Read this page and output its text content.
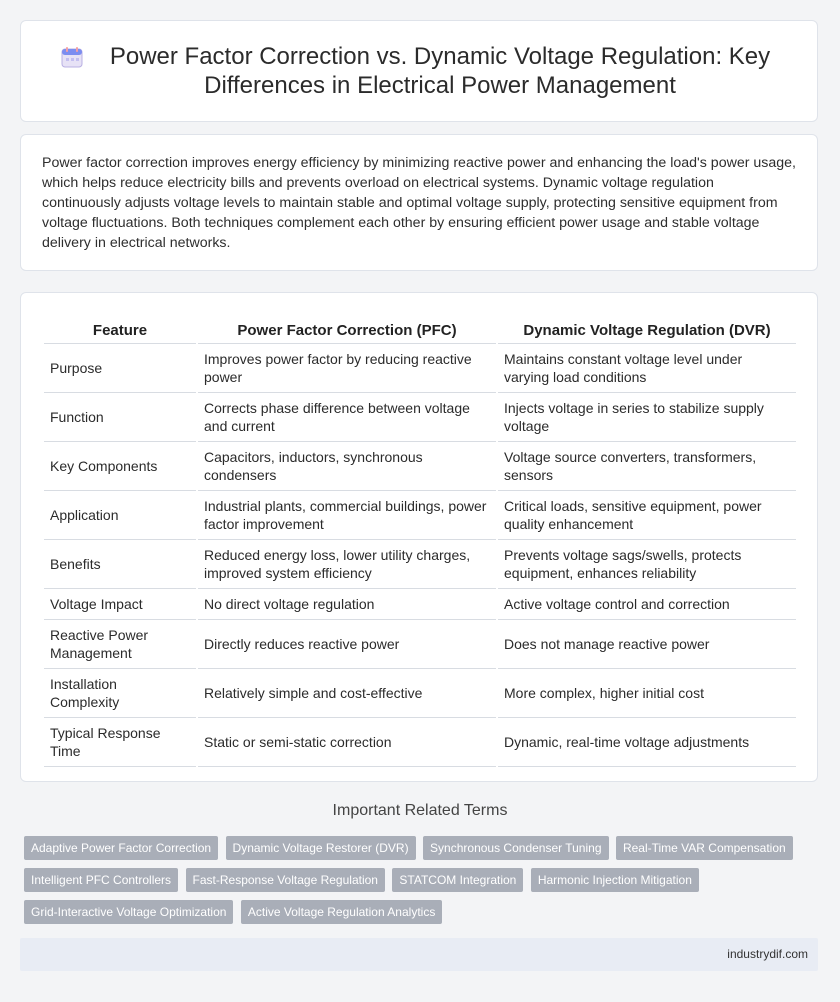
Power Factor Correction vs. Dynamic Voltage Regulation: Key Differences in Electrical Power Management

Power factor correction improves energy efficiency by minimizing reactive power and enhancing the load's power usage, which helps reduce electricity bills and prevents overload on electrical systems. Dynamic voltage regulation continuously adjusts voltage levels to maintain stable and optimal voltage supply, protecting sensitive equipment from voltage fluctuations. Both techniques complement each other by ensuring efficient power usage and stable voltage delivery in electrical networks.

Feature	Power Factor Correction (PFC)	Dynamic Voltage Regulation (DVR)
Purpose	Improves power factor by reducing reactive power	Maintains constant voltage level under varying load conditions
Function	Corrects phase difference between voltage and current	Injects voltage in series to stabilize supply voltage
Key Components	Capacitors, inductors, synchronous condensers	Voltage source converters, transformers, sensors
Application	Industrial plants, commercial buildings, power factor improvement	Critical loads, sensitive equipment, power quality enhancement
Benefits	Reduced energy loss, lower utility charges, improved system efficiency	Prevents voltage sags/swells, protects equipment, enhances reliability
Voltage Impact	No direct voltage regulation	Active voltage control and correction
Reactive Power Management	Directly reduces reactive power	Does not manage reactive power
Installation Complexity	Relatively simple and cost-effective	More complex, higher initial cost
Typical Response Time	Static or semi-static correction	Dynamic, real-time voltage adjustments
Important Related Terms
Adaptive Power Factor Correction Dynamic Voltage Restorer (DVR) Synchronous Condenser Tuning Real-Time VAR Compensation Intelligent PFC Controllers Fast-Response Voltage Regulation STATCOM Integration Harmonic Injection Mitigation Grid-Interactive Voltage Optimization Active Voltage Regulation Analytics
industrydif.com
